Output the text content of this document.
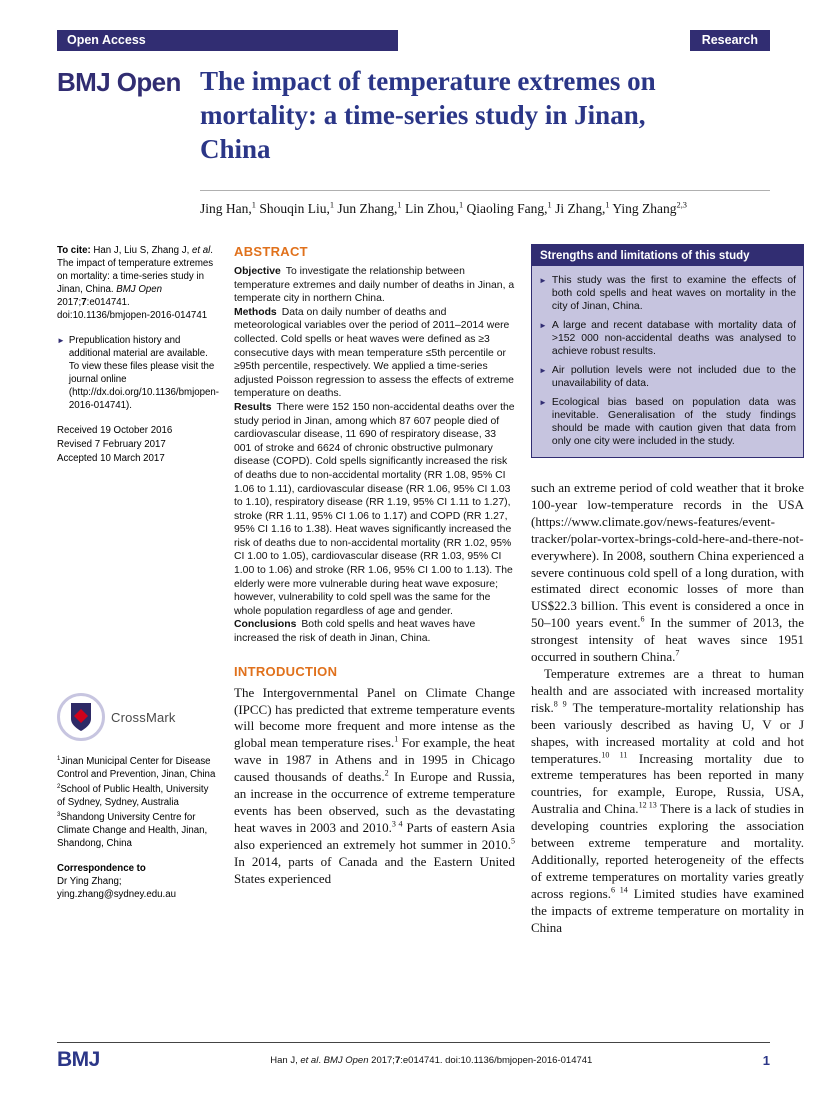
Open Access	Research
BMJ Open The impact of temperature extremes on mortality: a time-series study in Jinan, China

Jing Han,$^1$ Shouqin Liu,$^1$ Jun Zhang,$^1$ Lin Zhou,$^1$ Qiaoling Fang,$^1$ Ji Zhang,$^1$ Ying Zhang$^{2,3}$

To cite: Han J, Liu S, Zhang J, et al. The impact of temperature extremes on mortality: a time-series study in Jinan, China. BMJ Open 2017;7:e014741. doi:10.1136/bmjopen-2016-014741

► Prepublication history and additional material are available. To view these files please visit the journal online (http://dx.doi.org/10.1136/bmjopen-2016-014741).

Received 19 October 2016

Revised 7 February 2017

Accepted 10 March 2017

CrossMark

$^1$Jinan Municipal Center for Disease Control and Prevention, Jinan, China

$^2$School of Public Health, University of Sydney, Sydney, Australia

$^3$Shandong University Centre for Climate Change and Health, Jinan, Shandong, China

Correspondence to

Dr Ying Zhang;
ying.zhang@sydney.edu.au

ABSTRACT

Objective To investigate the relationship between temperature extremes and daily number of deaths in Jinan, a temperate city in northern China.

Methods Data on daily number of deaths and meteorological variables over the period of 2011–2014 were collected. Cold spells or heat waves were defined as ≥3 consecutive days with mean temperature ≤5th percentile or ≥95th percentile, respectively. We applied a time-series adjusted Poisson regression to assess the effects of extreme temperature on deaths.

Results There were 152 150 non-accidental deaths over the study period in Jinan, among which 87 607 people died of cardiovascular disease, 11 690 of respiratory disease, 33 001 of stroke and 6624 of chronic obstructive pulmonary disease (COPD). Cold spells significantly increased the risk of deaths due to non-accidental mortality (RR 1.08, 95% CI 1.06 to 1.11), cardiovascular disease (RR 1.06, 95% CI 1.03 to 1.10), respiratory disease (RR 1.19, 95% CI 1.11 to 1.27), stroke (RR 1.11, 95% CI 1.06 to 1.17) and COPD (RR 1.27, 95% CI 1.16 to 1.38). Heat waves significantly increased the risk of deaths due to non-accidental mortality (RR 1.02, 95% CI 1.00 to 1.05), cardiovascular disease (RR 1.03, 95% CI 1.00 to 1.06) and stroke (RR 1.06, 95% CI 1.00 to 1.13). The elderly were more vulnerable during heat wave exposure; however, vulnerability to cold spell was the same for the whole population regardless of age and gender.

Conclusions Both cold spells and heat waves have increased the risk of death in Jinan, China.

INTRODUCTION

The Intergovernmental Panel on Climate Change (IPCC) has predicted that extreme temperature events will become more frequent and more intense as the global mean temperature rises.$^1$ For example, the heat wave in 1987 in Athens and in 1995 in Chicago caused thousands of deaths.$^2$ In Europe and Russia, an increase in the occurrence of extreme temperature events has been observed, such as the devastating heat waves in 2003 and 2010.$^{3 4}$ Parts of eastern Asia also experienced an extremely hot summer in 2010.$^5$ In 2014, parts of Canada and the Eastern United States experienced

Strengths and limitations of this study
► This study was the first to examine the effects of both cold spells and heat waves on mortality in the city of Jinan, China.

► A large and recent database with mortality data of >152 000 non-accidental deaths was analysed to achieve robust results.

► Air pollution levels were not included due to the unavailability of data.

► Ecological bias based on population data was inevitable. Generalisation of the study findings should be made with caution given that data from only one city were included in the study.

such an extreme period of cold weather that it broke 100-year low-temperature records in the USA (https://www.climate.gov/news-features/event-tracker/polar-vortex-brings-cold-here-and-there-not-everywhere). In 2008, southern China experienced a severe continuous cold spell of a long duration, with estimated direct economic losses of more than US$22.3 billion. This event is considered a once in 50–100 years event.$^6$ In the summer of 2013, the strongest intensity of heat waves since 1951 occurred in southern China.$^7$

Temperature extremes are a threat to human health and are associated with increased mortality risk.$^{8 9}$ The temperature-mortality relationship has been variously described as having U, V or J shapes, with increased mortality at cold and hot temperatures.$^{10 11}$ Increasing mortality due to extreme temperatures has been reported in many countries, for example, Europe, Russia, USA, Australia and China.$^{12 13}$ There is a lack of studies in developing countries exploring the association between extreme temperature and mortality. Additionally, reported heterogeneity of the effects of extreme temperatures on mortality varies greatly across regions.$^{6 14}$ Limited studies have examined the impacts of extreme temperature on mortality in China

BMJ	Han J, et al. BMJ Open 2017;7:e014741. doi:10.1136/bmjopen-2016-014741	1
